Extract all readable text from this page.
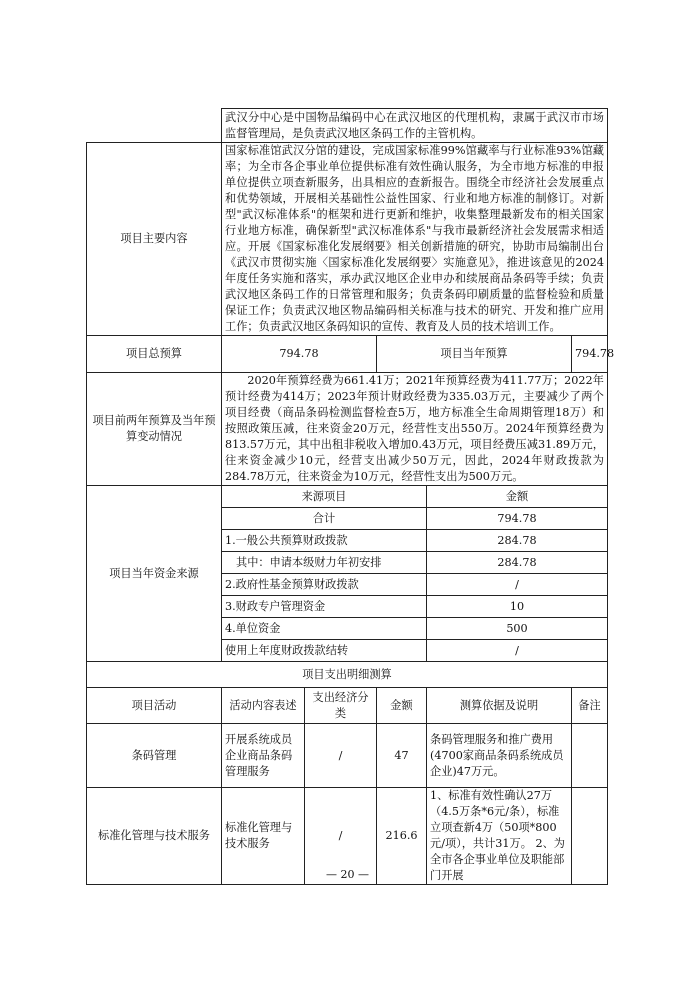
	武汉分中心是中国物品编码中心在武汉地区的代理机构，隶属于武汉市市场监督管理局，是负责武汉地区条码工作的主管机构。				
项目主要内容	国家标准馆武汉分馆的建设，完成国家标准99%馆藏率与行业标准93%馆藏率；为全市各企事业单位提供标准有效性确认服务，为全市地方标准的申报单位提供立项查新服务，出具相应的查新报告。围绕全市经济社会发展重点和优势领域，开展相关基础性公益性国家、行业和地方标准的制修订。对新型"武汉标准体系"的框架和进行更新和维护，收集整理最新发布的相关国家行业地方标准，确保新型"武汉标准体系"与我市最新经济社会发展需求相适应。开展《国家标准化发展纲要》相关创新措施的研究，协助市局编制出台《武汉市贯彻实施〈国家标准化发展纲要〉实施意见》，推进该意见的2024年度任务实施和落实，承办武汉地区企业申办和续展商品条码等手续；负责武汉地区条码工作的日常管理和服务；负责条码印刷质量的监督检验和质量保证工作；负责武汉地区物品编码相关标准与技术的研究、开发和推广应用工作；负责武汉地区条码知识的宣传、教育及人员的技术培训工作。				
项目总预算	794.78		项目当年预算		794.78
项目前两年预算及当年预算变动情况	2020年预算经费为661.41万；2021年预算经费为411.77万；2022年预计经费为414万；2023年预计财政经费为335.03万元，主要减少了两个项目经费（商品条码检测监督检查5万，地方标准全生命周期管理18万）和按照政策压减，往来资金20万元，经营性支出550万。2024年预算经费为813.57万元，其中出租非税收入增加0.43万元，项目经费压减31.89万元，往来资金减少10元，经营支出减少50万元，因此，2024年财政拨款为284.78万元，往来资金为10万元，经营性支出为500万元。				
项目当年资金来源	来源项目			金额	
	合计			794.78	
	1.一般公共预算财政拨款			284.78	
	其中：申请本级财力年初安排			284.78	
	2.政府性基金预算财政拨款			/	
	3.财政专户管理资金			10	
	4.单位资金			500	
	使用上年度财政拨款结转			/	
项目支出明细测算					
项目活动	活动内容表述	支出经济分类	金额	测算依据及说明	备注
条码管理	开展系统成员企业商品条码管理服务	/	47	条码管理服务和推广费用(4700家商品条码系统成员企业)47万元。	
标准化管理与技术服务	标准化管理与技术服务	/	216.6	1、标准有效性确认27万（4.5万条*6元/条），标准立项查新4万（50项*800元/项），共计31万。 2、为全市各企事业单位及职能部门开展	
— 20 —
